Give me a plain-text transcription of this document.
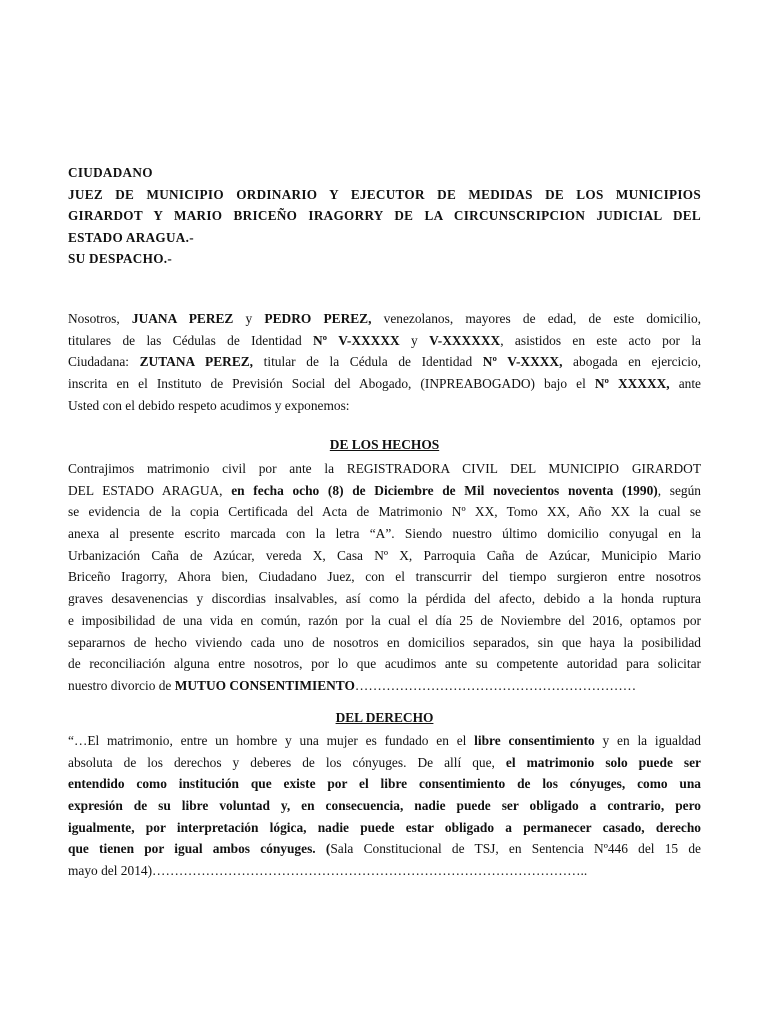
CIUDADANO
JUEZ DE MUNICIPIO ORDINARIO Y EJECUTOR DE MEDIDAS DE LOS MUNICIPIOS
GIRARDOT Y MARIO BRICEÑO IRAGORRY DE LA CIRCUNSCRIPCION JUDICIAL DEL
ESTADO ARAGUA.-
SU DESPACHO.-
Nosotros, JUANA PEREZ y PEDRO PEREZ, venezolanos, mayores de edad, de este domicilio,
titulares de las Cédulas de Identidad Nº V-XXXXX y V-XXXXXX, asistidos en este acto por la
Ciudadana: ZUTANA PEREZ, titular de la Cédula de Identidad Nº V-XXXX, abogada en ejercicio,
inscrita en el Instituto de Previsión Social del Abogado, (INPREABOGADO) bajo el Nº XXXXX, ante
Usted con el debido respeto acudimos y exponemos:
DE LOS HECHOS
Contrajimos matrimonio civil por ante la REGISTRADORA CIVIL DEL MUNICIPIO GIRARDOT
DEL ESTADO ARAGUA, en fecha ocho (8) de Diciembre de Mil novecientos noventa (1990), según
se evidencia de la copia Certificada del Acta de Matrimonio Nº XX, Tomo XX, Año XX la cual se
anexa al presente escrito marcada con la letra “A”. Siendo nuestro último domicilio conyugal en la
Urbanización Caña de Azúcar, vereda X, Casa Nº X, Parroquia Caña de Azúcar, Municipio Mario
Briceño Iragorry, Ahora bien, Ciudadano Juez, con el transcurrir del tiempo surgieron entre nosotros
graves desavenencias y discordias insalvables, así como la pérdida del afecto, debido a la honda ruptura
e imposibilidad de una vida en común, razón por la cual el día 25 de Noviembre del 2016, optamos por
separarnos de hecho viviendo cada uno de nosotros en domicilios separados, sin que haya la posibilidad
de reconciliación alguna entre nosotros, por lo que acudimos ante su competente autoridad para solicitar
nuestro divorcio de MUTUO CONSENTIMIENTO………………………………………………………
DEL DERECHO
“…El matrimonio, entre un hombre y una mujer es fundado en el libre consentimiento y en la igualdad
absoluta de los derechos y deberes de los cónyuges. De allí que, el matrimonio solo puede ser
entendido como institución que existe por el libre consentimiento de los cónyuges, como una
expresión de su libre voluntad y, en consecuencia, nadie puede ser obligado a contrario, pero
igualmente, por interpretación lógica, nadie puede estar obligado a permanecer casado, derecho
que tienen por igual ambos cónyuges. (Sala Constitucional de TSJ, en Sentencia Nº446 del 15 de
mayo del 2014)……………………………………………………………………………………..
